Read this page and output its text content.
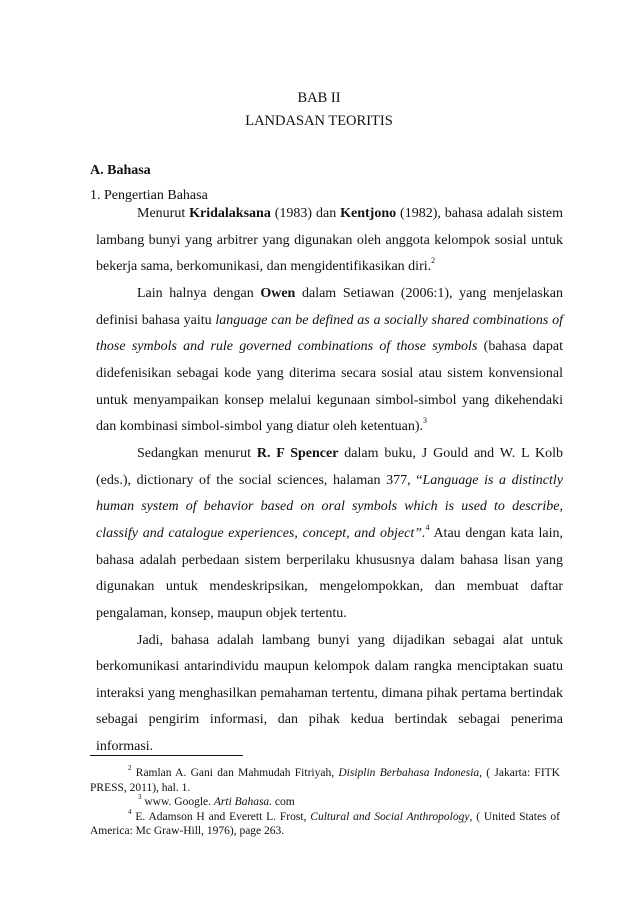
BAB II
LANDASAN TEORITIS
A. Bahasa
1. Pengertian Bahasa

Menurut Kridalaksana (1983) dan Kentjono (1982), bahasa adalah sistem lambang bunyi yang arbitrer yang digunakan oleh anggota kelompok sosial untuk bekerja sama, berkomunikasi, dan mengidentifikasikan diri.$^2$

Lain halnya dengan Owen dalam Setiawan (2006:1), yang menjelaskan definisi bahasa yaitu language can be defined as a socially shared combinations of those symbols and rule governed combinations of those symbols (bahasa dapat didefenisikan sebagai kode yang diterima secara sosial atau sistem konvensional untuk menyampaikan konsep melalui kegunaan simbol-simbol yang dikehendaki dan kombinasi simbol-simbol yang diatur oleh ketentuan).$^3$

Sedangkan menurut R. F Spencer dalam buku, J Gould and W. L Kolb (eds.), dictionary of the social sciences, halaman 377, “Language is a distinctly human system of behavior based on oral symbols which is used to describe, classify and catalogue experiences, concept, and object”.$^4$ Atau dengan kata lain, bahasa adalah perbedaan sistem berperilaku khususnya dalam bahasa lisan yang digunakan untuk mendeskripsikan, mengelompokkan, dan membuat daftar pengalaman, konsep, maupun objek tertentu.

Jadi, bahasa adalah lambang bunyi yang dijadikan sebagai alat untuk berkomunikasi antarindividu maupun kelompok dalam rangka menciptakan suatu interaksi yang menghasilkan pemahaman tertentu, dimana pihak pertama bertindak sebagai pengirim informasi, dan pihak kedua bertindak sebagai penerima informasi.

$^2$ Ramlan A. Gani dan Mahmudah Fitriyah, Disiplin Berbahasa Indonesia, ( Jakarta: FITK PRESS, 2011), hal. 1.

$^3$ www. Google. Arti Bahasa. com

$^4$ E. Adamson H and Everett L. Frost, Cultural and Social Anthropology, ( United States of America: Mc Graw-Hill, 1976), page 263.
